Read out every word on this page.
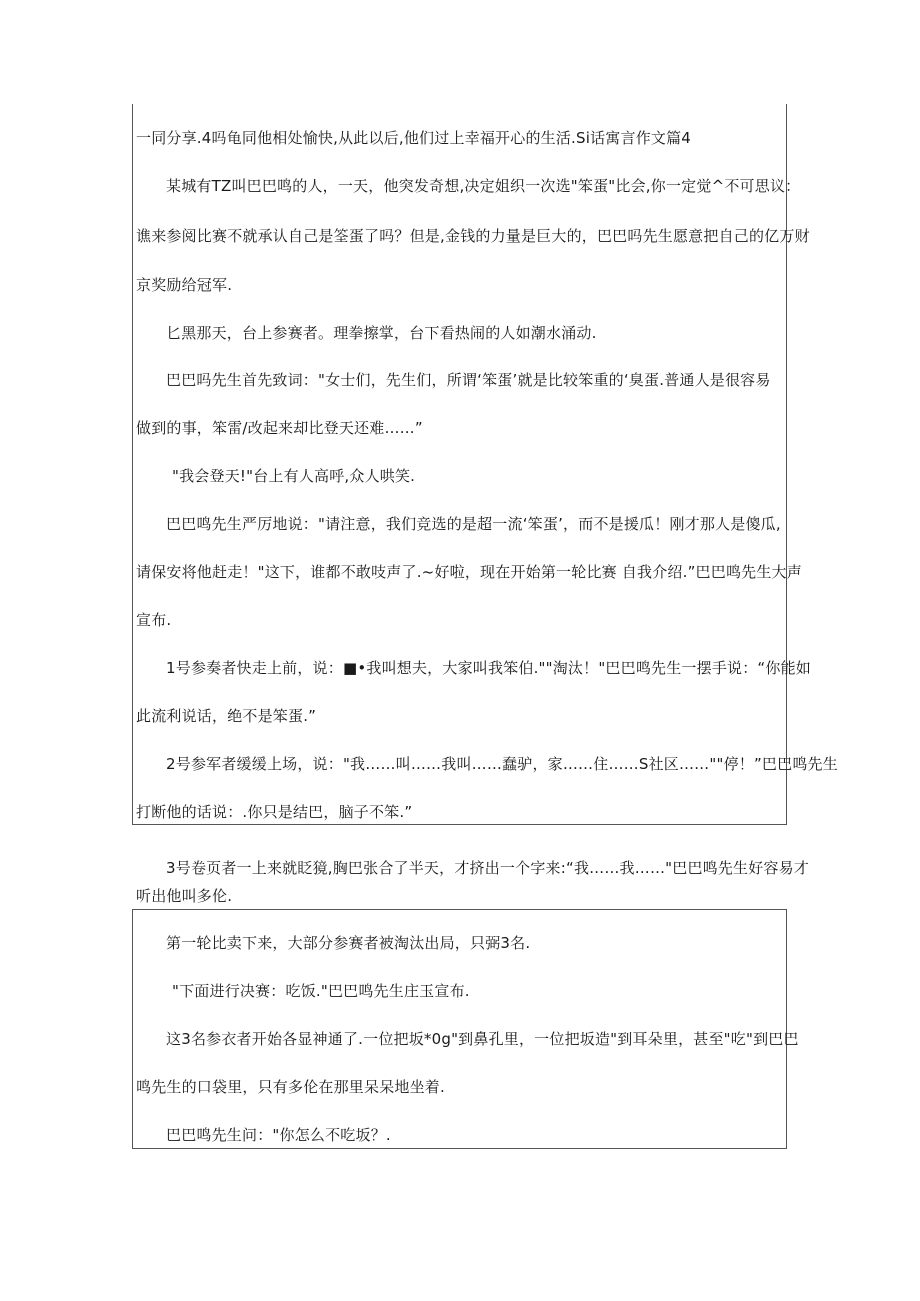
一同分享.4吗龟同他相处愉快,从此以后,他们过上幸福开心的生活.Si话寓言作文篇4
某城有TZ叫巴巴鸣的人，一天，他突发奇想,决定姐织一次选"笨蛋"比会,你一定觉^不可思议：
谯来参阅比赛不就承认自己是筌蛋了吗？但是,金钱的力量是巨大的，巴巴吗先生愿意把自己的亿万财
京奖励给冠军.
匕黑那天，台上参赛者。理拳擦掌，台下看热闹的人如潮水涌动.
巴巴吗先生首先致词："女士们，先生们，所谓‘笨蛋’就是比较笨重的‘臭蛋.普通人是很容易
做到的事，笨雷/改起来却比登天还难……”
"我会登天!"台上有人高呼,众人哄笑.
巴巴鸣先生严厉地说："请注意，我们竞选的是超一流‘笨蛋’，而不是援瓜！刚才那人是傻瓜,
请保安将他赶走！"这下，谁都不敢吱声了.~好啦，现在开始第一轮比赛 自我介绍.”巴巴鸣先生大声
宣布.
1号参奏者快走上前，说：■•我叫想夫，大家叫我笨伯.""淘汰！"巴巴鸣先生一摆手说：“你能如
此流利说话，绝不是笨蛋.”
2号参军者缓缓上场，说："我……叫……我叫……蠢驴，家……住……S社区……""停！”巴巴鸣先生
打断他的话说：.你只是结巴，脑子不笨.”
3号卷页者一上来就眨獍,胸巴张合了半天，才挤出一个字来:“我……我……"巴巴鸣先生好容易才
听出他叫多伦.
第一轮比卖下来，大部分参赛者被淘汰出局，只弼3名.
"下面进行决赛：吃饭."巴巴鸣先生庄玉宣布.
这3名参衣者开始各显神通了.一位把坂*0g"到鼻孔里，一位把坂造"到耳朵里，甚至"吃"到巴巴
鸣先生的口袋里，只有多伦在那里呆呆地坐着.
巴巴鸣先生问："你怎么不吃坂？.
